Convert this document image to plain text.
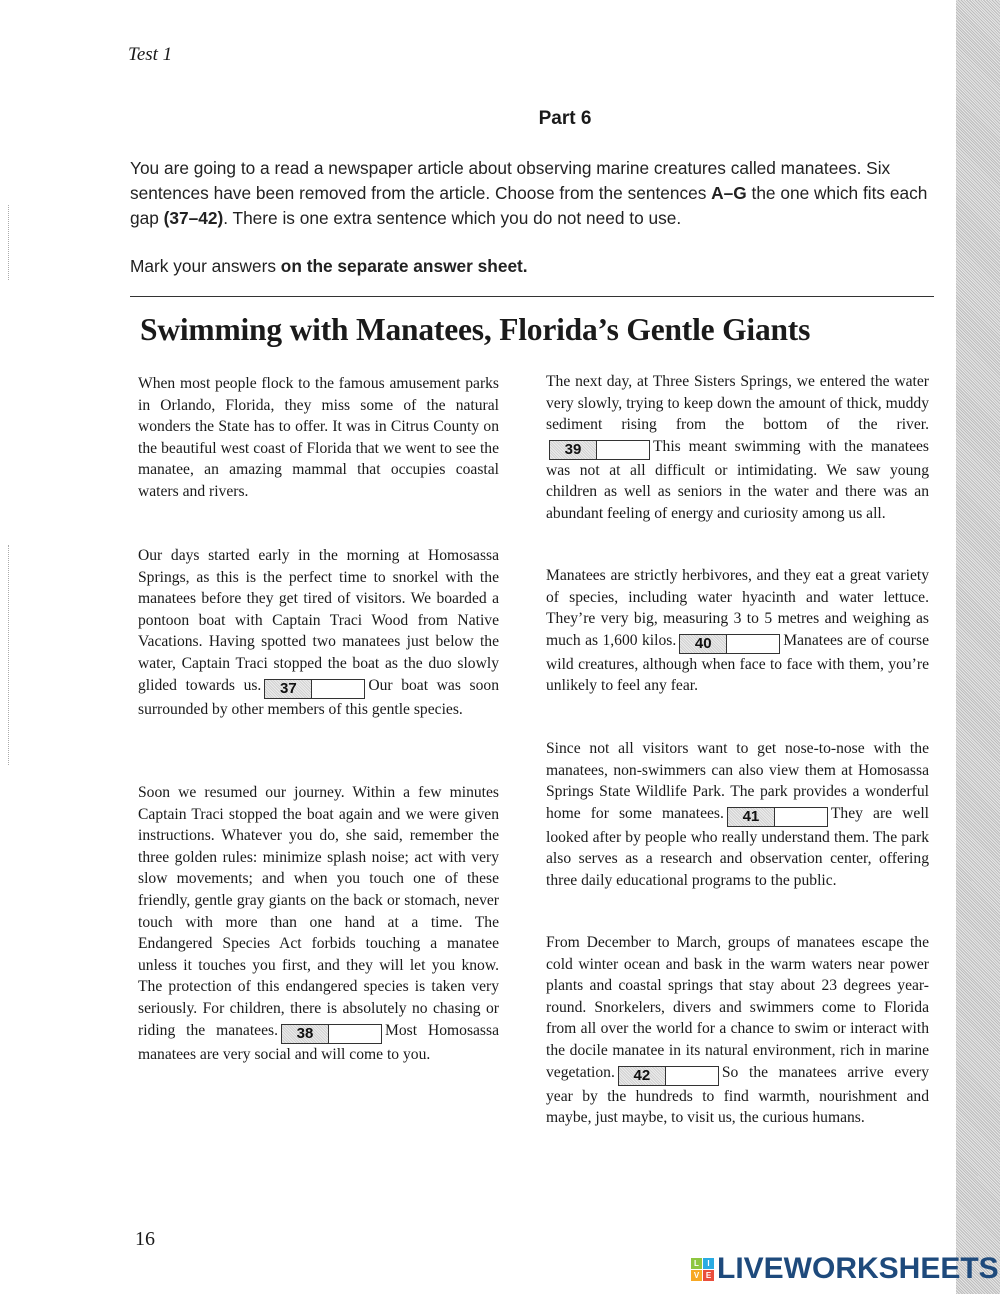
Test 1
Part 6
You are going to a read a newspaper article about observing marine creatures called manatees. Six sentences have been removed from the article. Choose from the sentences A–G the one which fits each gap (37–42). There is one extra sentence which you do not need to use.
Mark your answers on the separate answer sheet.
Swimming with Manatees, Florida’s Gentle Giants

When most people flock to the famous amusement parks in Orlando, Florida, they miss some of the natural wonders the State has to offer. It was in Citrus County on the beautiful west coast of Florida that we went to see the manatee, an amazing mammal that occupies coastal waters and rivers.

Our days started early in the morning at Homosassa Springs, as this is the perfect time to snorkel with the manatees before they get tired of visitors. We boarded a pontoon boat with Captain Traci Wood from Native Vacations. Having spotted two manatees just below the water, Captain Traci stopped the boat as the duo slowly glided towards us.	37	Our boat was soon surrounded by other members of this gentle species.

Soon we resumed our journey. Within a few minutes Captain Traci stopped the boat again and we were given instructions. Whatever you do, she said, remember the three golden rules: minimize splash noise; act with very slow movements; and when you touch one of these friendly, gentle gray giants on the back or stomach, never touch with more than one hand at a time. The Endangered Species Act forbids touching a manatee unless it touches you first, and they will let you know. The protection of this endangered species is taken very seriously. For children, there is absolutely no chasing or riding the manatees.	38	Most Homosassa manatees are very social and will come to you.

The next day, at Three Sisters Springs, we entered the water very slowly, trying to keep down the amount of thick, muddy sediment rising from the bottom of the river.
39	This meant swimming with the manatees was not at all difficult or intimidating. We saw young children as well as seniors in the water and there was an abundant feeling of energy and curiosity among us all.

Manatees are strictly herbivores, and they eat a great variety of species, including water hyacinth and water lettuce. They’re very big, measuring 3 to 5 metres and weighing as much as 1,600 kilos.	40	Manatees are of course wild creatures, although when face to face with them, you’re unlikely to feel any fear.

Since not all visitors want to get nose-to-nose with the manatees, non-swimmers can also view them at Homosassa Springs State Wildlife Park. The park provides a wonderful home for some manatees.	41	They are well looked after by people who really understand them. The park also serves as a research and observation center, offering three daily educational programs to the public.

From December to March, groups of manatees escape the cold winter ocean and bask in the warm waters near power plants and coastal springs that stay about 23 degrees year-round. Snorkelers, divers and swimmers come to Florida from all over the world for a chance to swim or interact with the docile manatee in its natural environment, rich in marine vegetation.	42	So the manatees arrive every year by the hundreds to find warmth, nourishment and maybe, just maybe, to visit us, the curious humans.

16
L	I
V E LIVEWORKSHEETS
